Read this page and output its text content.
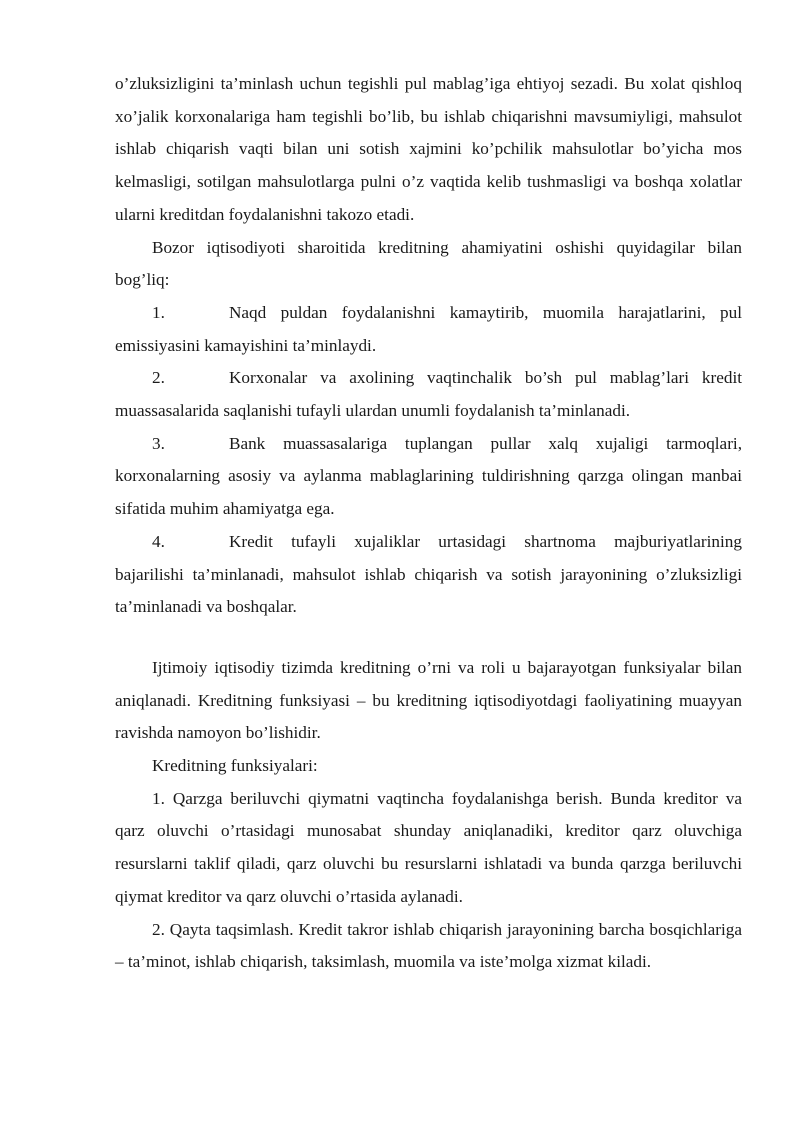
o’zluksizligini ta’minlash uchun tegishli pul mablag’iga ehtiyoj sezadi. Bu xolat qishloq xo’jalik korxonalariga ham tegishli bo’lib, bu ishlab chiqarishni mavsumiyligi, mahsulot ishlab chiqarish vaqti bilan uni sotish xajmini ko’pchilik mahsulotlar bo’yicha mos kelmasligi, sotilgan mahsulotlarga pulni o’z vaqtida kelib tushmasligi va boshqa xolatlar ularni kreditdan foydalanishni takozo etadi.

Bozor iqtisodiyoti sharoitida kreditning ahamiyatini oshishi quyidagilar bilan bog’liq:

1.	Naqd puldan foydalanishni kamaytirib, muomila harajatlarini, pul emissiyasini kamayishini ta’minlaydi.

2.	Korxonalar va axolining vaqtinchalik bo’sh pul mablag’lari kredit muassasalarida saqlanishi tufayli ulardan unumli foydalanish ta’minlanadi.

3.	Bank muassasalariga tuplangan pullar xalq xujaligi tarmoqlari, korxonalarning asosiy va aylanma mablaglarining tuldirishning qarzga olingan manbai sifatida muhim ahamiyatga ega.

4.	Kredit tufayli xujaliklar urtasidagi shartnoma majburiyatlarining bajarilishi ta’minlanadi, mahsulot ishlab chiqarish va sotish jarayonining o’zluksizligi ta’minlanadi va boshqalar.

Ijtimoiy iqtisodiy tizimda kreditning o’rni va roli u bajarayotgan funksiyalar bilan aniqlanadi. Kreditning funksiyasi – bu kreditning iqtisodiyotdagi faoliyatining muayyan ravishda namoyon bo’lishidir.

Kreditning funksiyalari:

1. Qarzga beriluvchi qiymatni vaqtincha foydalanishga berish. Bunda kreditor va qarz oluvchi o’rtasidagi munosabat shunday aniqlanadiki, kreditor qarz oluvchiga resurslarni taklif qiladi, qarz oluvchi bu resurslarni ishlatadi va bunda qarzga beriluvchi qiymat kreditor va qarz oluvchi o’rtasida aylanadi.

2. Qayta taqsimlash. Kredit takror ishlab chiqarish jarayonining barcha bosqichlariga – ta’minot, ishlab chiqarish, taksimlash, muomila va iste’molga xizmat kiladi.
